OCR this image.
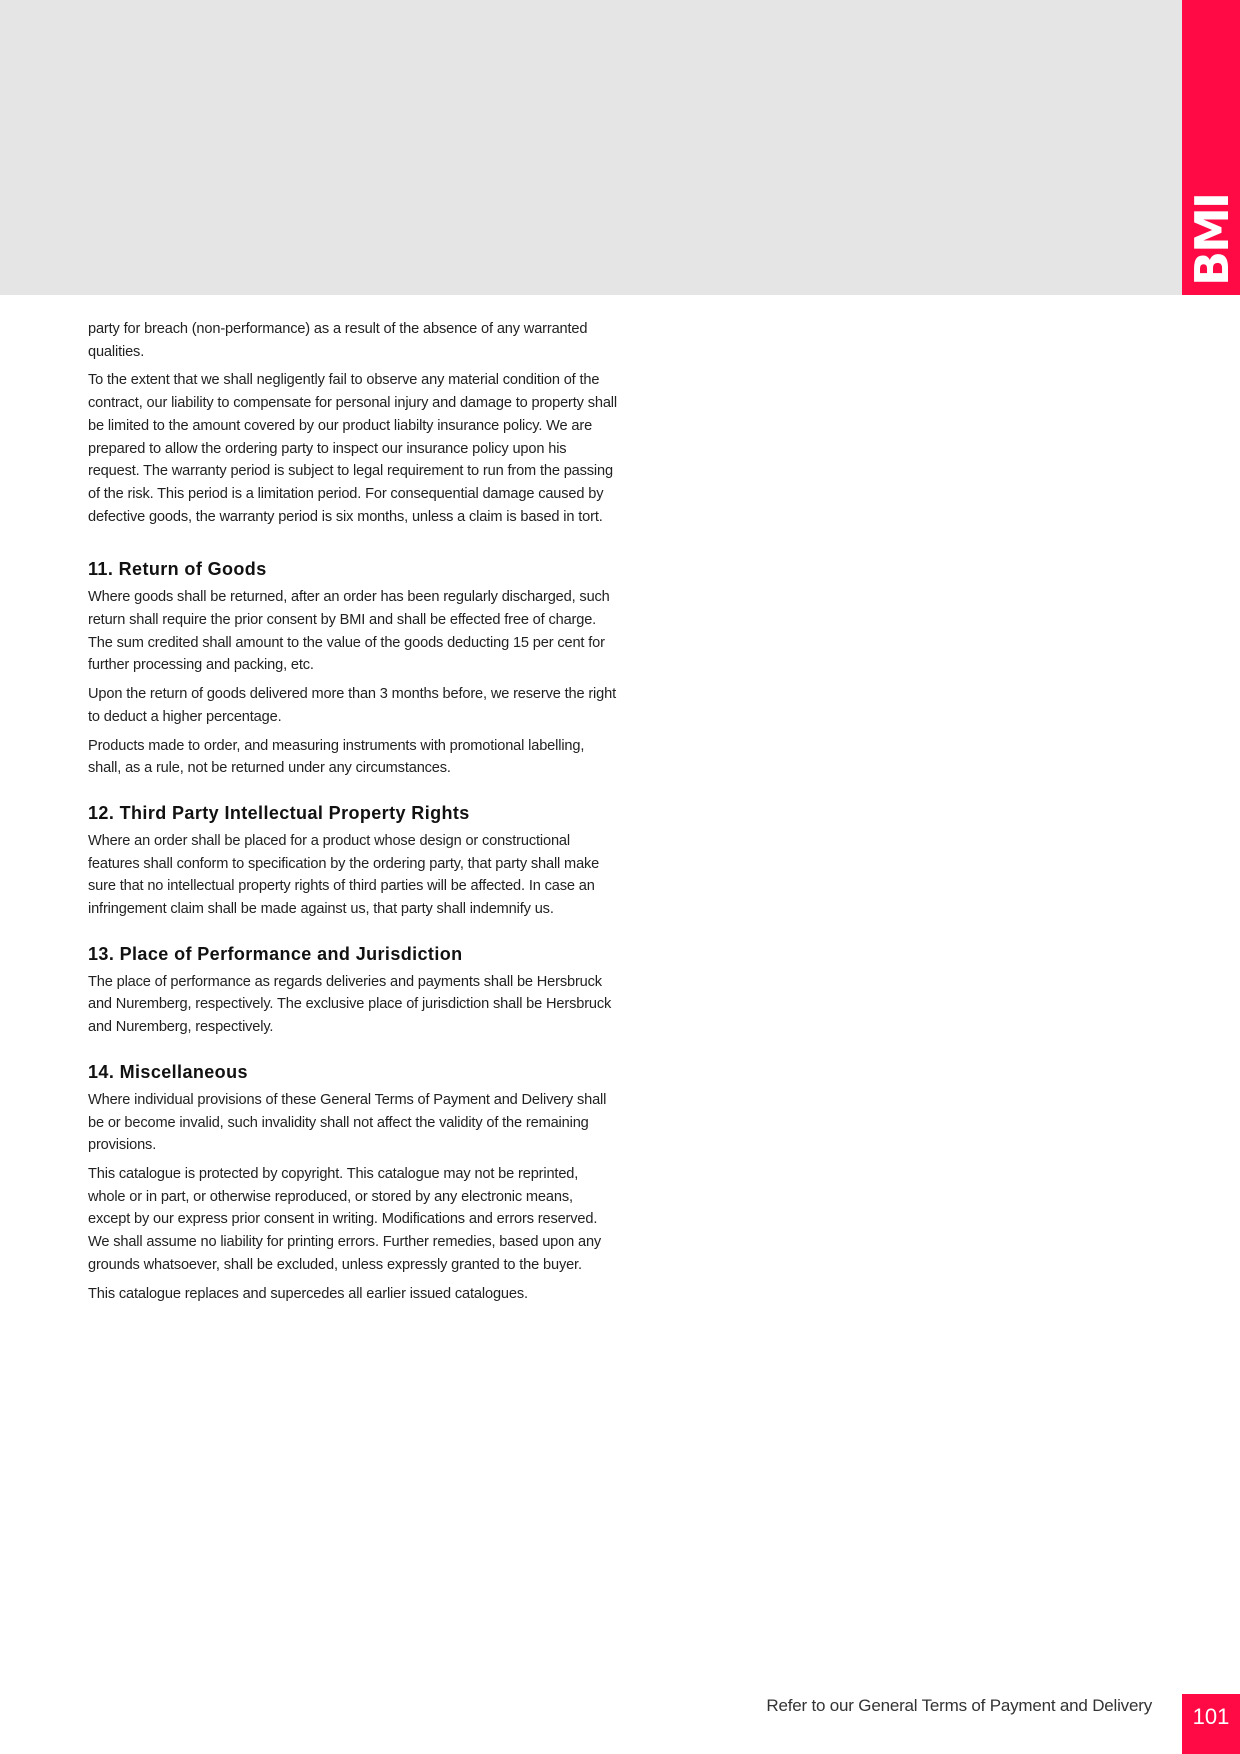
BMI

party for breach (non-performance) as a result of the absence of any warranted qualities.

To the extent that we shall negligently fail to observe any material condition of the contract, our liability to compensate for personal injury and damage to property shall be limited to the amount covered by our product liabilty insurance policy. We are prepared to allow the ordering party to inspect our insurance policy upon his request. The warranty period is subject to legal requirement to run from the passing of the risk. This period is a limitation period. For consequential damage caused by defective goods, the warranty period is six months, unless a claim is based in tort.

11. Return of Goods

Where goods shall be returned, after an order has been regularly discharged, such return shall require the prior consent by BMI and shall be effected free of charge. The sum credited shall amount to the value of the goods deducting 15 per cent for further processing and packing, etc.

Upon the return of goods delivered more than 3 months before, we reserve the right to deduct a higher percentage.

Products made to order, and measuring instruments with promotional labelling, shall, as a rule, not be returned under any circumstances.

12. Third Party Intellectual Property Rights

Where an order shall be placed for a product whose design or constructional features shall conform to specification by the ordering party, that party shall make sure that no intellectual property rights of third parties will be affected. In case an infringement claim shall be made against us, that party shall indemnify us.

13. Place of Performance and Jurisdiction

The place of performance as regards deliveries and payments shall be Hersbruck and Nuremberg, respectively. The exclusive place of jurisdiction shall be Hersbruck and Nuremberg, respectively.

14. Miscellaneous

Where individual provisions of these General Terms of Payment and Delivery shall be or become invalid, such invalidity shall not affect the validity of the remaining provisions.

This catalogue is protected by copyright. This catalogue may not be reprinted, whole or in part, or otherwise reproduced, or stored by any electronic means, except by our express prior consent in writing. Modifications and errors reserved. We shall assume no liability for printing errors. Further remedies, based upon any grounds whatsoever, shall be excluded, unless expressly granted to the buyer.

This catalogue replaces and supercedes all earlier issued catalogues.

Refer to our General Terms of Payment and Delivery	101
